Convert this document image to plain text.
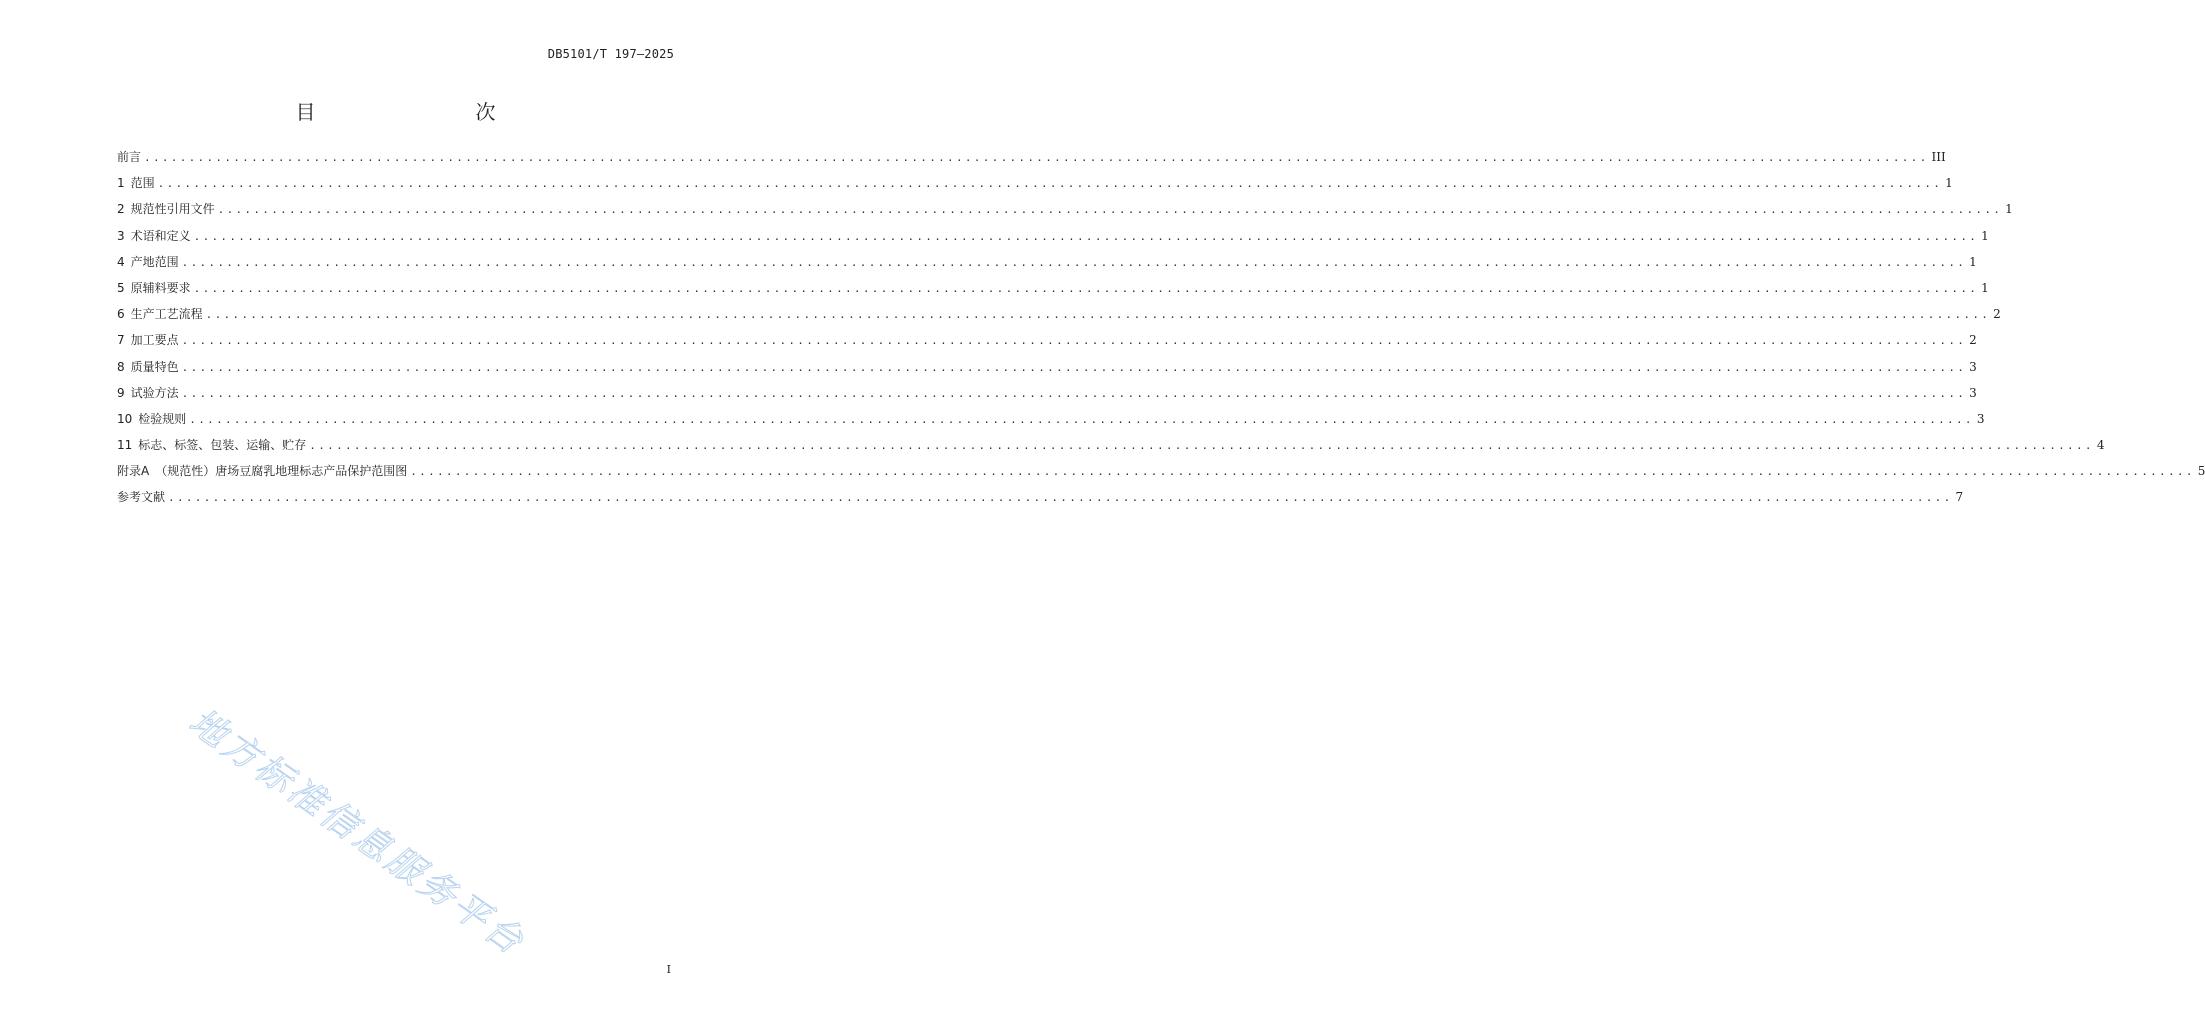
DB5101/T 197—2025
目　　次
前言 ........................................................................................................................................................................................................ III
1 范围 ........................................................................................................................................................................................................ 1
2 规范性引用文件 ........................................................................................................................................................................................................ 1
3 术语和定义 ........................................................................................................................................................................................................ 1
4 产地范围 ........................................................................................................................................................................................................ 1
5 原辅料要求 ........................................................................................................................................................................................................ 1
6 生产工艺流程 ........................................................................................................................................................................................................ 2
7 加工要点 ........................................................................................................................................................................................................ 2
8 质量特色 ........................................................................................................................................................................................................ 3
9 试验方法 ........................................................................................................................................................................................................ 3
10 检验规则 ........................................................................................................................................................................................................ 3
11 标志、标签、包装、运输、贮存 ........................................................................................................................................................................................................ 4
附录A （规范性）唐场豆腐乳地理标志产品保护范围图 ........................................................................................................................................................................................................ 5
参考文献 ........................................................................................................................................................................................................ 7
地方标准信息服务平台
I
